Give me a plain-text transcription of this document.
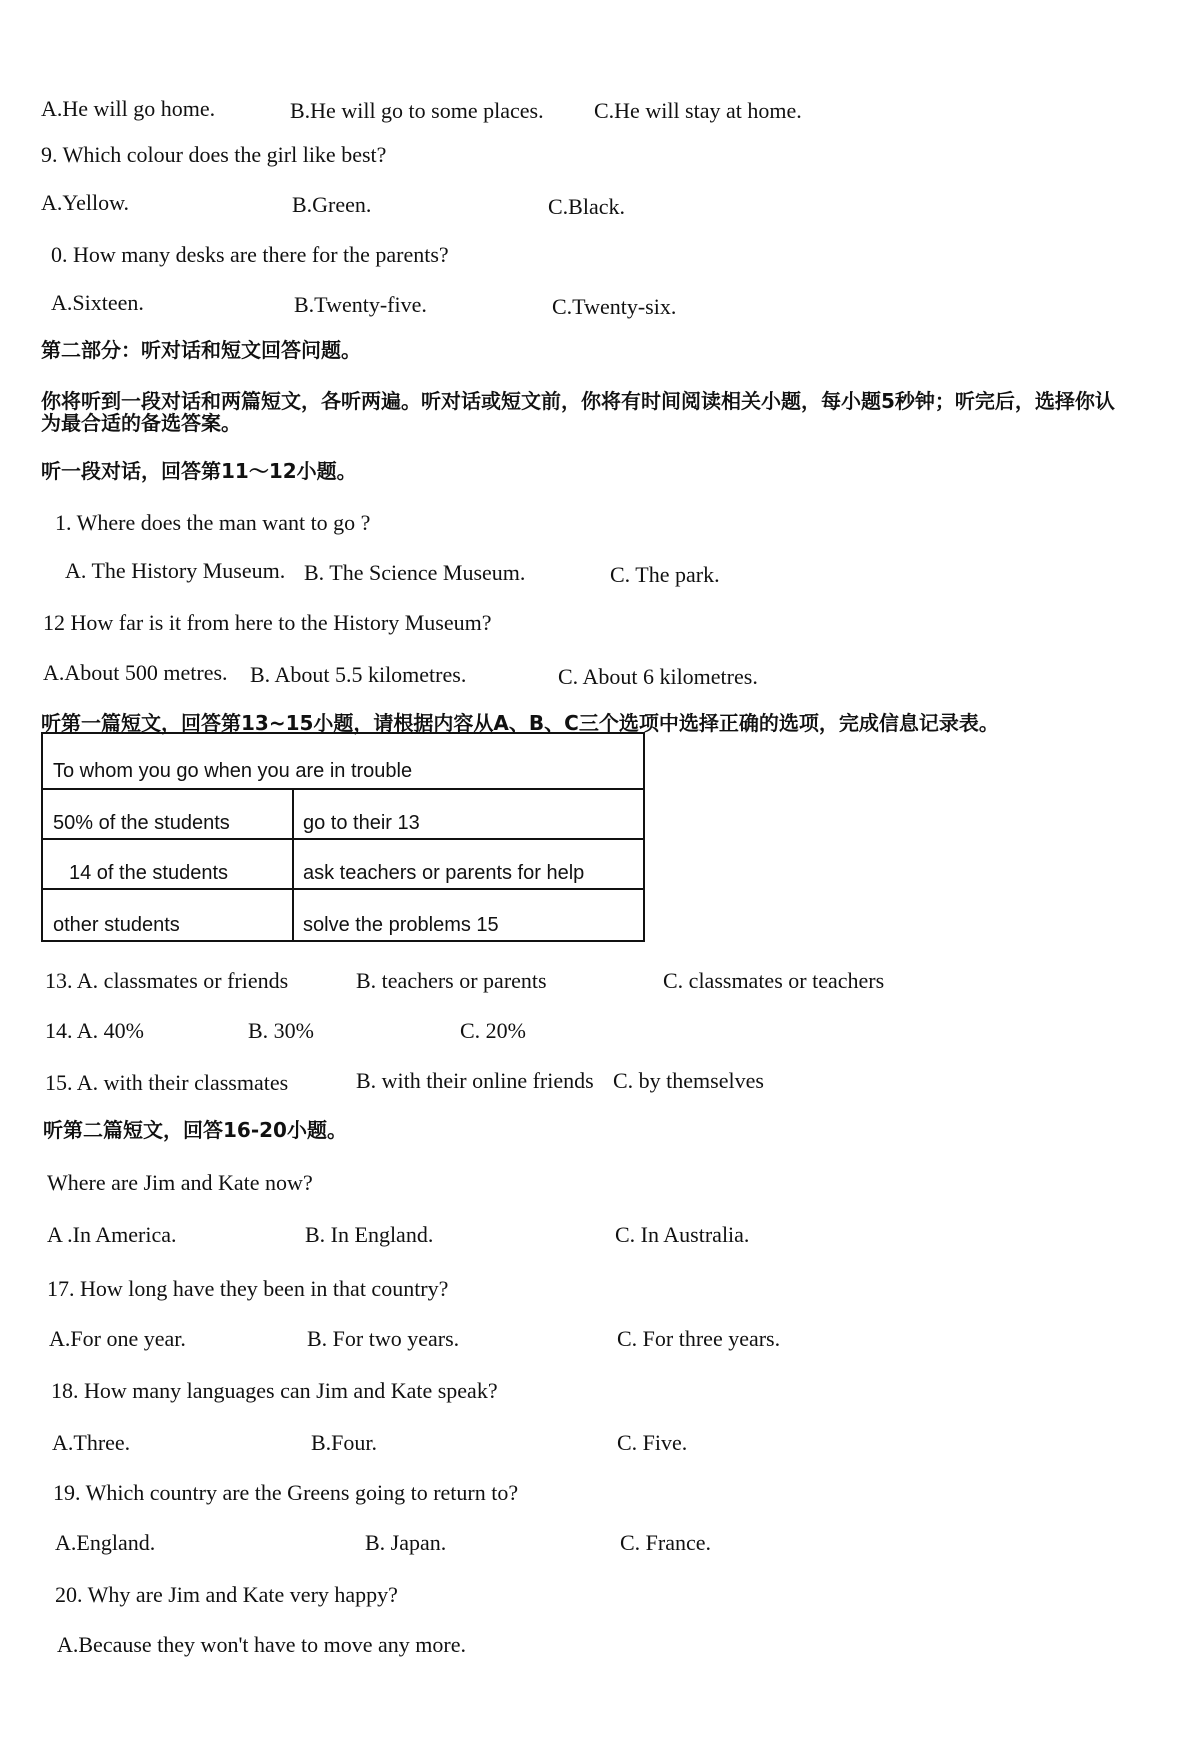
A.He will go home.	B.He will go to some places. C.He will stay at home.
9. Which colour does the girl like best?
A.Yellow.	B.Green.	C.Black.
0. How many desks are there for the parents?
A.Sixteen.	B.Twenty-five.	C.Twenty-six.
第二部分：听对话和短文回答问题。
你将听到一段对话和两篇短文，各听两遍。听对话或短文前，你将有时间阅读相关小题，每小题5秒钟；听完后，选择你认为最合适的备选答案。
听一段对话，回答第11～12小题。
1. Where does the man want to go ?
A. The History Museum. B. The Science Museum.	C. The park.
12 How far is it from here to the History Museum?
A.About 500 metres. B. About 5.5 kilometres.	C. About 6 kilometres.
听第一篇短文，回答第13~15小题，请根据内容从A、B、C三个选项中选择正确的选项，完成信息记录表。
To whom you go when you are in trouble
50% of the students	go to their 13
14 of the students	ask teachers or parents for help
other students	solve the problems 15
13. A. classmates or friends	B. teachers or parents	C. classmates or teachers
14. A. 40%	B. 30%	C. 20%
15. A. with their classmates	B. with their online friends C. by themselves
听第二篇短文，回答16-20小题。
Where are Jim and Kate now?
A .In America.	B. In England.	C. In Australia.
17. How long have they been in that country?
A.For one year.	B. For two years.	C. For three years.
18. How many languages can Jim and Kate speak?
A.Three.	B.Four.	C. Five.
19. Which country are the Greens going to return to?
A.England.	B. Japan.	C. France.
20. Why are Jim and Kate very happy?
A.Because they won't have to move any more.
